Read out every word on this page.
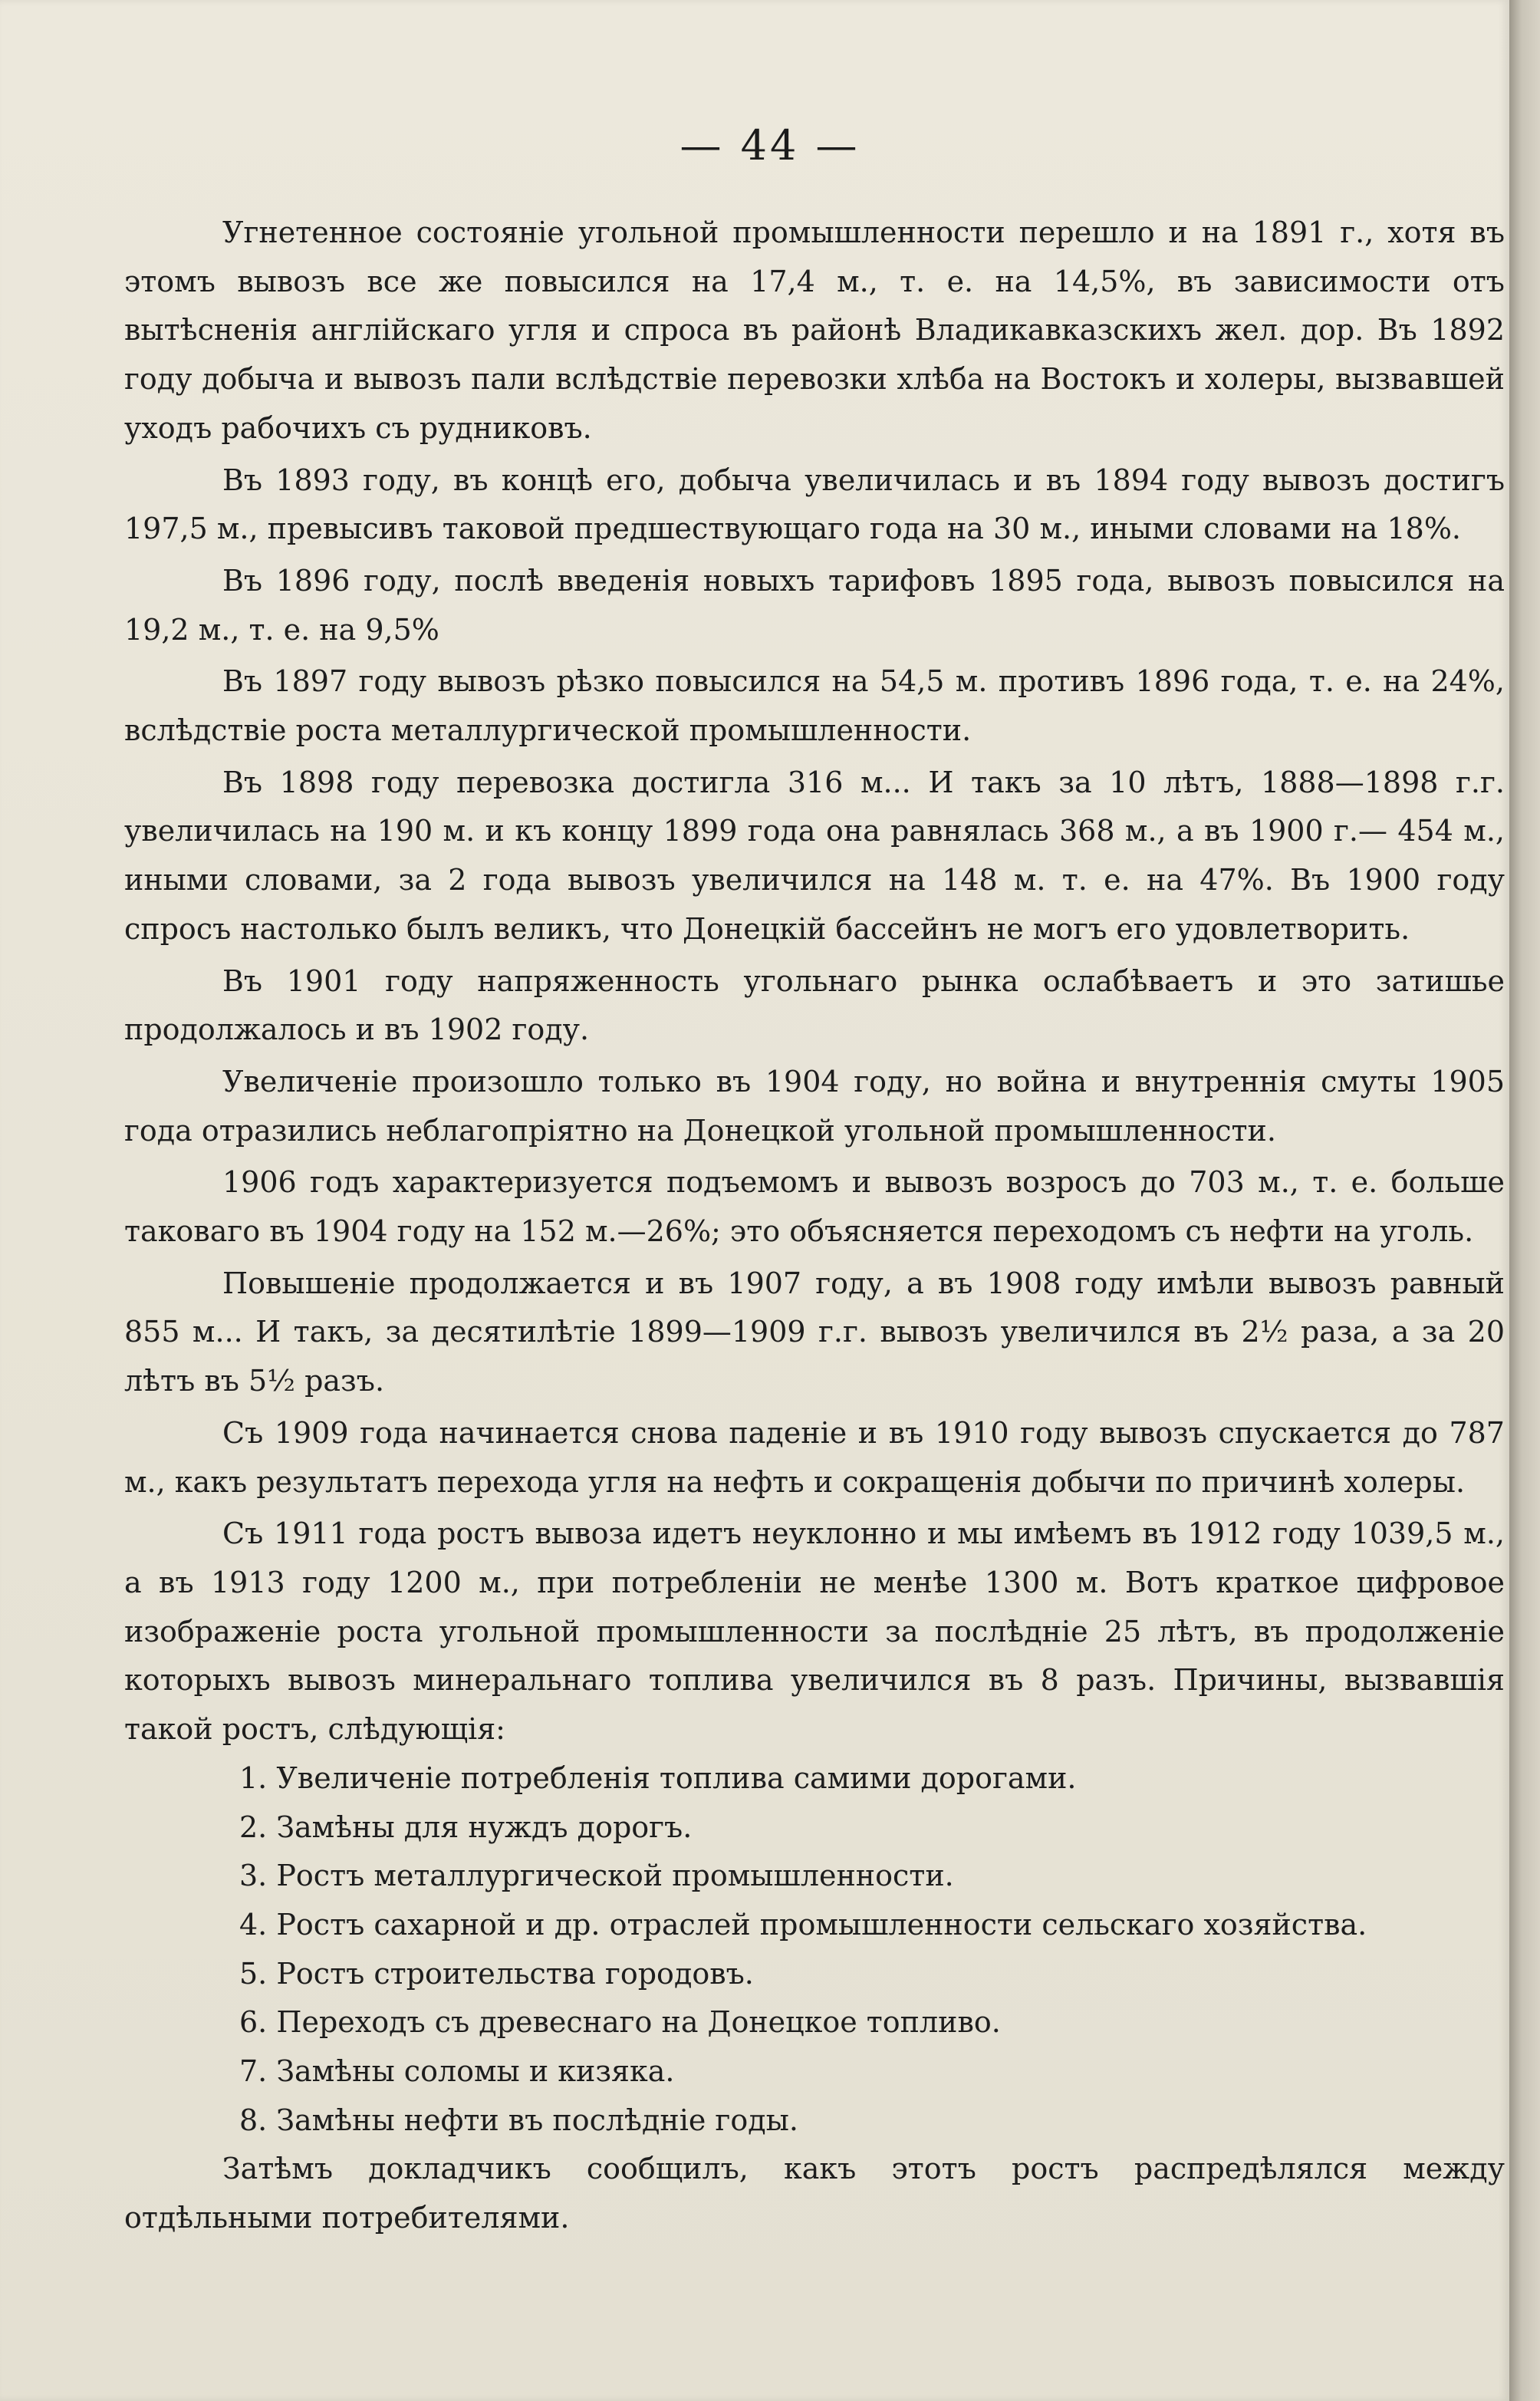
— 44 —

Угнетенное состоянiе угольной промышленности перешло и на 1891 г., хотя въ этомъ вывозъ все же повысился на 17,4 м., т. е. на 14,5%, въ зависимости отъ вытѣсненiя англiйскаго угля и спроса въ районѣ Владикавказскихъ жел. дор. Въ 1892 году добыча и вывозъ пали вслѣдствiе перевозки хлѣба на Востокъ и холеры, вызвавшей уходъ рабочихъ съ рудниковъ.

Въ 1893 году, въ концѣ его, добыча увеличилась и въ 1894 году вывозъ достигъ 197,5 м., превысивъ таковой предшествующаго года на 30 м., иными словами на 18%.

Въ 1896 году, послѣ введенiя новыхъ тарифовъ 1895 года, вывозъ повысился на 19,2 м., т. е. на 9,5%

Въ 1897 году вывозъ рѣзко повысился на 54,5 м. противъ 1896 года, т. е. на 24%, вслѣдствiе роста металлургической промышленности.

Въ 1898 году перевозка достигла 316 м... И такъ за 10 лѣтъ, 1888—1898 г.г. увеличилась на 190 м. и къ концу 1899 года она равнялась 368 м., а въ 1900 г.— 454 м., иными словами, за 2 года вывозъ увеличился на 148 м. т. е. на 47%. Въ 1900 году спросъ настолько былъ великъ, что Донецкiй бассейнъ не могъ его удовлетворить.

Въ 1901 году напряженность угольнаго рынка ослабѣваетъ и это затишье продолжалось и въ 1902 году.

Увеличенiе произошло только въ 1904 году, но война и внутреннiя смуты 1905 года отразились неблагопрiятно на Донецкой угольной промышленности.

1906 годъ характеризуется подъемомъ и вывозъ возросъ до 703 м., т. е. больше таковаго въ 1904 году на 152 м.—26%; это объясняется переходомъ съ нефти на уголь.

Повышенiе продолжается и въ 1907 году, а въ 1908 году имѣли вывозъ равный 855 м... И такъ, за десятилѣтiе 1899—1909 г.г. вывозъ увеличился въ 2½ раза, а за 20 лѣтъ въ 5½ разъ.

Съ 1909 года начинается снова паденiе и въ 1910 году вывозъ спускается до 787 м., какъ результатъ перехода угля на нефть и сокращенiя добычи по причинѣ холеры.

Съ 1911 года ростъ вывоза идетъ неуклонно и мы имѣемъ въ 1912 году 1039,5 м., а въ 1913 году 1200 м., при потребленiи не менѣе 1300 м. Вотъ краткое цифровое изображенiе роста угольной промышленности за послѣднiе 25 лѣтъ, въ продолженiе которыхъ вывозъ минеральнаго топлива увеличился въ 8 разъ. Причины, вызвавшiя такой ростъ, слѣдующiя:

1. Увеличенiе потребленiя топлива самими дорогами.
2. Замѣны для нуждъ дорогъ.
3. Ростъ металлургической промышленности.
4. Ростъ сахарной и др. отраслей промышленности сельскаго хозяйства.
5. Ростъ строительства городовъ.
6. Переходъ съ древеснаго на Донецкое топливо.
7. Замѣны соломы и кизяка.
8. Замѣны нефти въ послѣднiе годы.

Затѣмъ докладчикъ сообщилъ, какъ этотъ ростъ распредѣлялся между отдѣльными потребителями.
